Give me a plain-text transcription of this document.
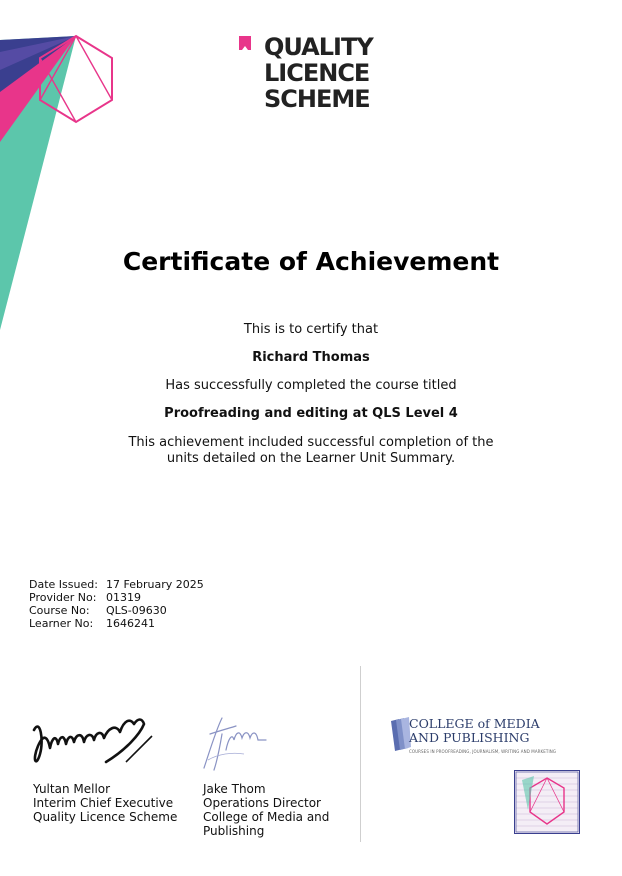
QUALITY
LICENCE
SCHEME
Certificate of Achievement
This is to certify that
Richard Thomas
Has successfully completed the course titled
Proofreading and editing at QLS Level 4
This achievement included successful completion of the
units detailed on the Learner Unit Summary.
Date Issued: 17 February 2025
Provider No: 01319
Course No:	QLS-09630
Learner No:	1646241
Yultan Mellor
Interim Chief Executive
Quality Licence Scheme
Jake Thom
Operations Director
College of Media and
Publishing
COLLEGE of MEDIA
AND PUBLISHING
COURSES IN PROOFREADING, JOURNALISM, WRITING AND MARKETING
